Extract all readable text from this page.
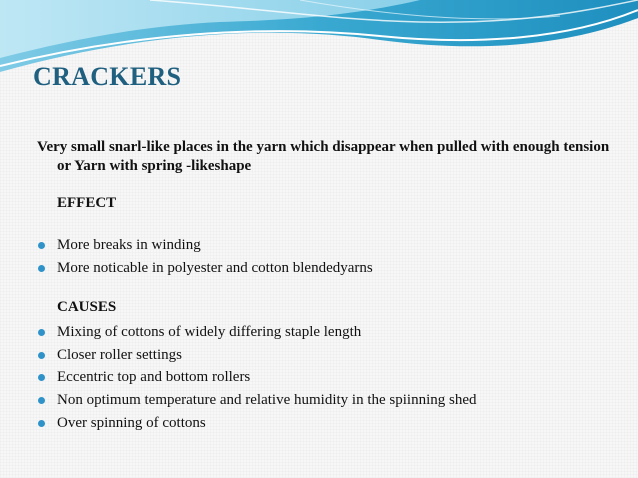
CRACKERS

Very small snarl-like places in the yarn which disappear when pulled with enough tension or Yarn with spring -likeshape

EFFECT
More breaks in winding
More noticable in polyester and cotton blendedyarns
CAUSES
Mixing of cottons of widely differing staple length
Closer roller settings
Eccentric top and bottom rollers
Non optimum temperature and relative humidity in the spiinning shed
Over spinning of cottons
